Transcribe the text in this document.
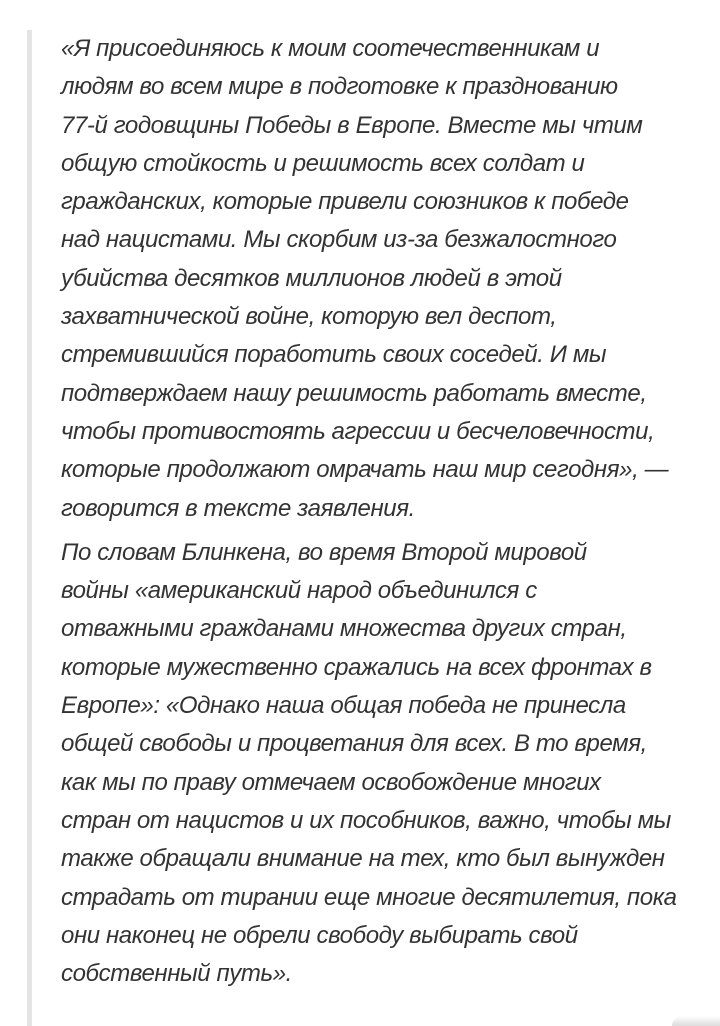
«Я присоединяюсь к моим соотечественникам и
людям во всем мире в подготовке к празднованию
77-й годовщины Победы в Европе. Вместе мы чтим
общую стойкость и решимость всех солдат и
гражданских, которые привели союзников к победе
над нацистами. Мы скорбим из-за безжалостного
убийства десятков миллионов людей в этой
захватнической войне, которую вел деспот,
стремившийся поработить своих соседей. И мы
подтверждаем нашу решимость работать вместе,
чтобы противостоять агрессии и бесчеловечности,
которые продолжают омрачать наш мир сегодня», —
говорится в тексте заявления.

По словам Блинкена, во время Второй мировой
войны «американский народ объединился с
отважными гражданами множества других стран,
которые мужественно сражались на всех фронтах в
Европе»: «Однако наша общая победа не принесла
общей свободы и процветания для всех. В то время,
как мы по праву отмечаем освобождение многих
стран от нацистов и их пособников, важно, чтобы мы
также обращали внимание на тех, кто был вынужден
страдать от тирании еще многие десятилетия, пока
они наконец не обрели свободу выбирать свой
собственный путь».
